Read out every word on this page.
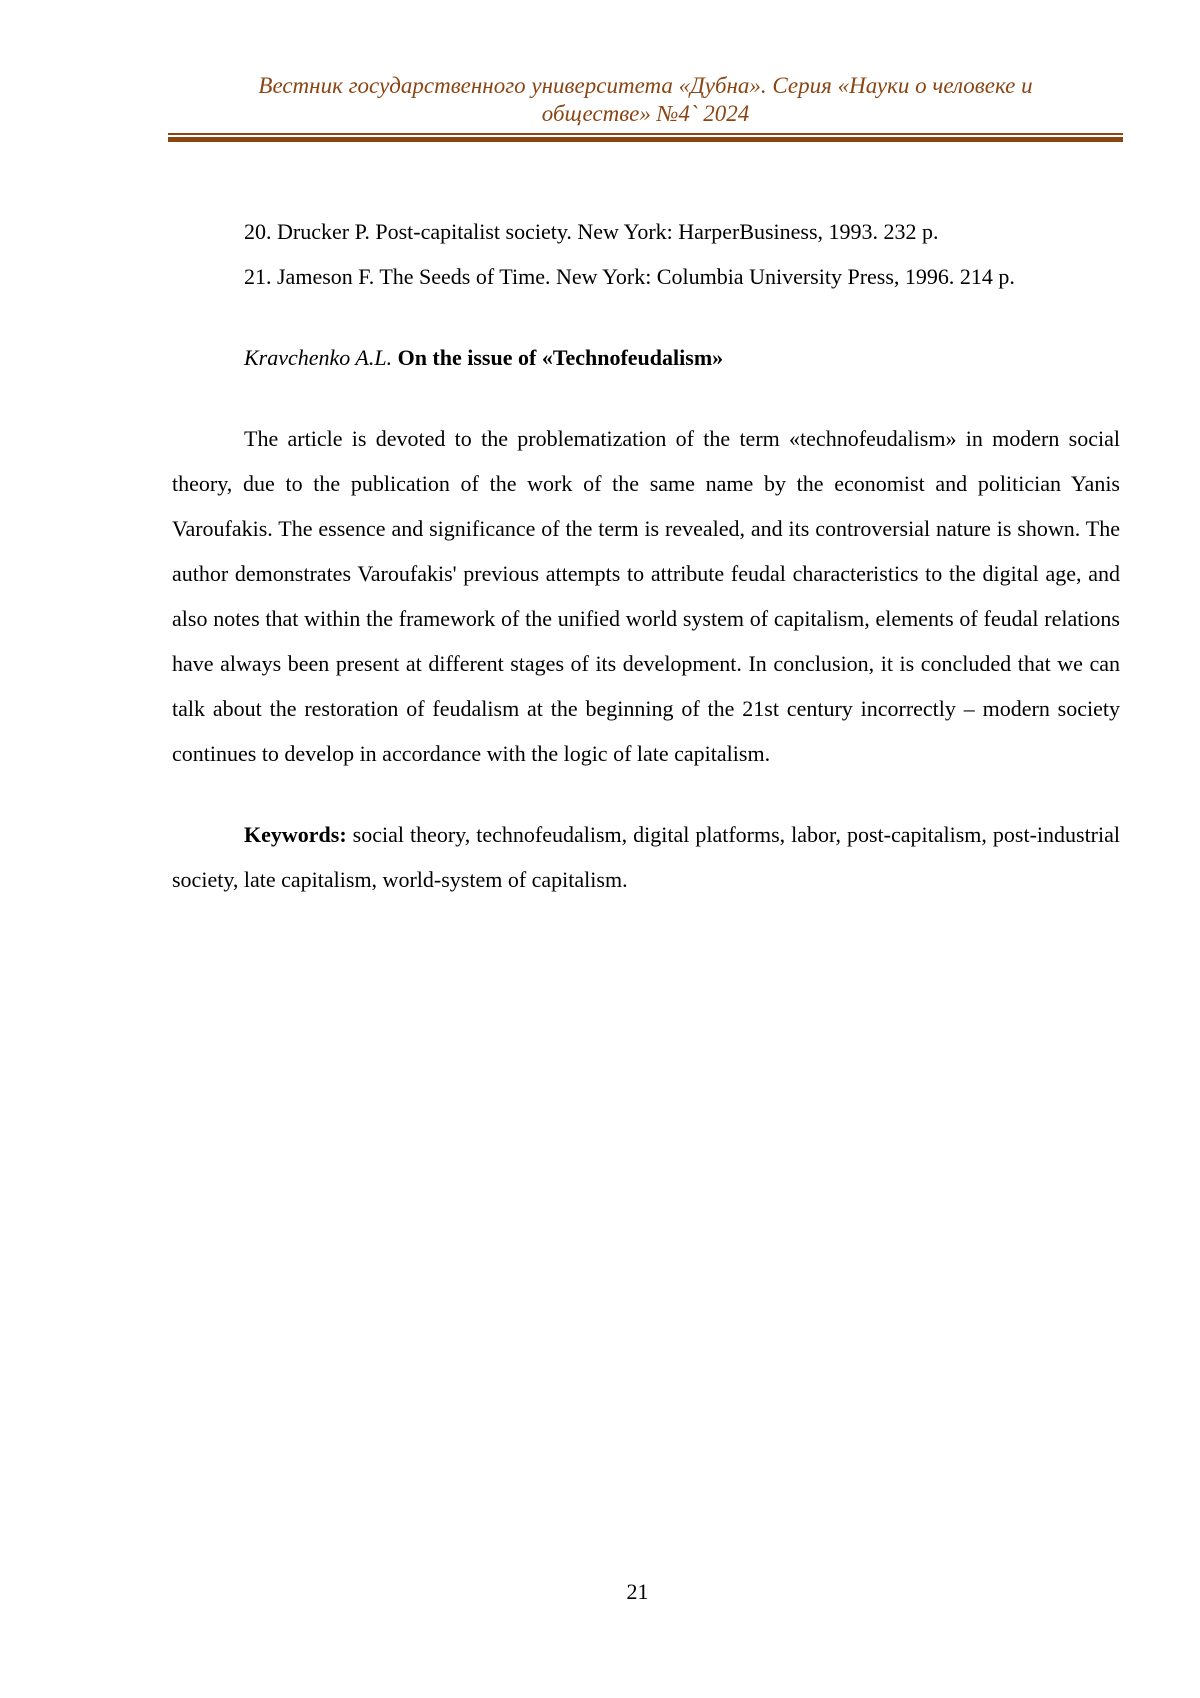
Вестник государственного университета «Дубна». Серия «Науки о человеке и
обществе» №4` 2024

20. Drucker P. Post-capitalist society. New York: HarperBusiness, 1993. 232 p.

21. Jameson F. The Seeds of Time. New York: Columbia University Press, 1996. 214 p.

Kravchenko A.L. On the issue of «Technofeudalism»

The article is devoted to the problematization of the term «technofeudalism» in modern social theory, due to the publication of the work of the same name by the economist and politician Yanis Varoufakis. The essence and significance of the term is revealed, and its controversial nature is shown. The author demonstrates Varoufakis' previous attempts to attribute feudal characteristics to the digital age, and also notes that within the framework of the unified world system of capitalism, elements of feudal relations have always been present at different stages of its development. In conclusion, it is concluded that we can talk about the restoration of feudalism at the beginning of the 21st century incorrectly – modern society continues to develop in accordance with the logic of late capitalism.

Keywords: social theory, technofeudalism, digital platforms, labor, post-capitalism, post-industrial society, late capitalism, world-system of capitalism.

21
